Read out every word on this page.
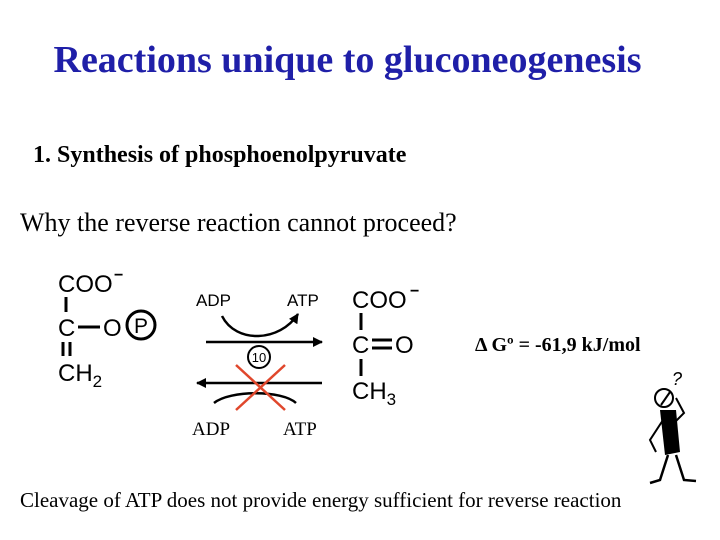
Reactions unique to gluconeogenesis
1. Synthesis of phosphoenolpyruvate
Why the reverse reaction cannot proceed?
COO −
C O P
$CH_2$
ADP	ATP
10
COO −
C O
$CH_3$
?
Δ Gº = -61,9 kJ/mol
ADP	ATP
Cleavage of ATP does not provide energy sufficient for reverse reaction
